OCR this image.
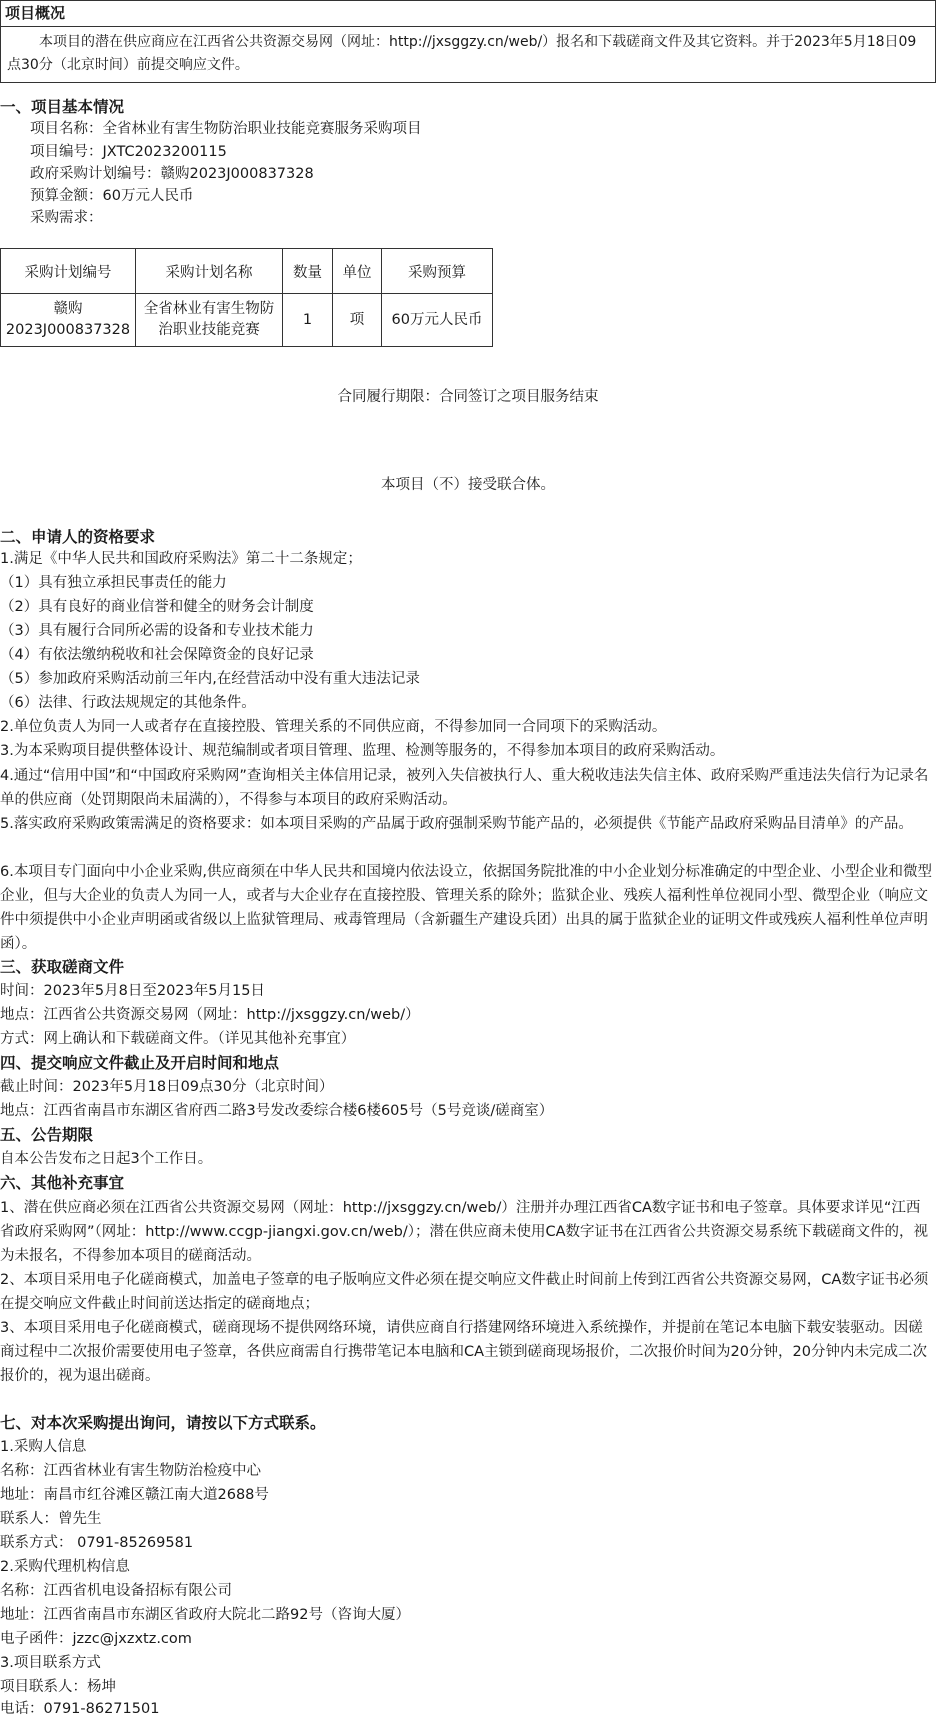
项目概况
本项目的潜在供应商应在江西省公共资源交易网（网址：http://jxsggzy.cn/web/）报名和下载磋商文件及其它资料。并于2023年5月18日09点30分（北京时间）前提交响应文件。
一、项目基本情况
项目名称：全省林业有害生物防治职业技能竞赛服务采购项目
项目编号：JXTC2023200115
政府采购计划编号：赣购2023J000837328
预算金额：60万元人民币
采购需求：
采购计划编号	采购计划名称	数量	单位	采购预算
赣购2023J000837328	全省林业有害生物防治职业技能竞赛	1	项	60万元人民币
合同履行期限：合同签订之项目服务结束
本项目（不）接受联合体。
二、申请人的资格要求
1.满足《中华人民共和国政府采购法》第二十二条规定；
（1）具有独立承担民事责任的能力
（2）具有良好的商业信誉和健全的财务会计制度
（3）具有履行合同所必需的设备和专业技术能力
（4）有依法缴纳税收和社会保障资金的良好记录
（5）参加政府采购活动前三年内,在经营活动中没有重大违法记录
（6）法律、行政法规规定的其他条件。
2.单位负责人为同一人或者存在直接控股、管理关系的不同供应商，不得参加同一合同项下的采购活动。
3.为本采购项目提供整体设计、规范编制或者项目管理、监理、检测等服务的，不得参加本项目的政府采购活动。
4.通过“信用中国”和“中国政府采购网”查询相关主体信用记录，被列入失信被执行人、重大税收违法失信主体、政府采购严重违法失信行为记录名单的供应商（处罚期限尚未届满的），不得参与本项目的政府采购活动。
5.落实政府采购政策需满足的资格要求：如本项目采购的产品属于政府强制采购节能产品的，必须提供《节能产品政府采购品目清单》的产品。
6.本项目专门面向中小企业采购,供应商须在中华人民共和国境内依法设立，依据国务院批准的中小企业划分标准确定的中型企业、小型企业和微型企业，但与大企业的负责人为同一人，或者与大企业存在直接控股、管理关系的除外；监狱企业、残疾人福利性单位视同小型、微型企业（响应文件中须提供中小企业声明函或省级以上监狱管理局、戒毒管理局（含新疆生产建设兵团）出具的属于监狱企业的证明文件或残疾人福利性单位声明函）。
三、获取磋商文件
时间：2023年5月8日至2023年5月15日
地点：江西省公共资源交易网（网址：http://jxsggzy.cn/web/）
方式：网上确认和下载磋商文件。（详见其他补充事宜）
四、提交响应文件截止及开启时间和地点
截止时间：2023年5月18日09点30分（北京时间）
地点：江西省南昌市东湖区省府西二路3号发改委综合楼6楼605号（5号竞谈/磋商室）
五、公告期限
自本公告发布之日起3个工作日。
六、其他补充事宜
1、潜在供应商必须在江西省公共资源交易网（网址：http://jxsggzy.cn/web/）注册并办理江西省CA数字证书和电子签章。具体要求详见“江西省政府采购网”（网址：http://www.ccgp-jiangxi.gov.cn/web/）；潜在供应商未使用CA数字证书在江西省公共资源交易系统下载磋商文件的，视为未报名，不得参加本项目的磋商活动。
2、本项目采用电子化磋商模式，加盖电子签章的电子版响应文件必须在提交响应文件截止时间前上传到江西省公共资源交易网，CA数字证书必须在提交响应文件截止时间前送达指定的磋商地点；
3、本项目采用电子化磋商模式，磋商现场不提供网络环境，请供应商自行搭建网络环境进入系统操作，并提前在笔记本电脑下载安装驱动。因磋商过程中二次报价需要使用电子签章，各供应商需自行携带笔记本电脑和CA主锁到磋商现场报价，二次报价时间为20分钟，20分钟内未完成二次报价的，视为退出磋商。
七、对本次采购提出询问，请按以下方式联系。
1.采购人信息
名称：江西省林业有害生物防治检疫中心
地址：南昌市红谷滩区赣江南大道2688号
联系人：曾先生
联系方式： 0791-85269581
2.采购代理机构信息
名称：江西省机电设备招标有限公司
地址：江西省南昌市东湖区省政府大院北二路92号（咨询大厦）
电子函件：jzzc@jxzxtz.com
3.项目联系方式
项目联系人：杨坤
电话：0791-86271501
